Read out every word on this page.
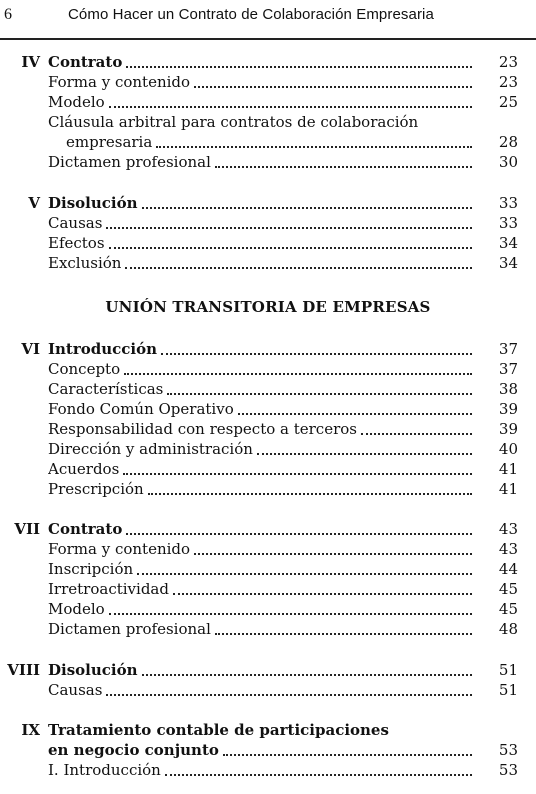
6	Cómo Hacer un Contrato de Colaboración Empresaria
IV Contrato	23
Forma y contenido	23
Modelo	25
Cláusula arbitral para contratos de colaboración
empresaria	28
Dictamen profesional	30
V Disolución	33
Causas	33
Efectos	34
Exclusión	34
UNIÓN TRANSITORIA DE EMPRESAS
VI Introducción	37
Concepto	37
Características	38
Fondo Común Operativo	39
Responsabilidad con respecto a terceros	39
Dirección y administración	40
Acuerdos	41
Prescripción	41
VII Contrato	43
Forma y contenido	43
Inscripción	44
Irretroactividad	45
Modelo	45
Dictamen profesional	48
VIII Disolución	51
Causas	51
IX Tratamiento contable de participaciones
en negocio conjunto	53
I. Introducción	53
